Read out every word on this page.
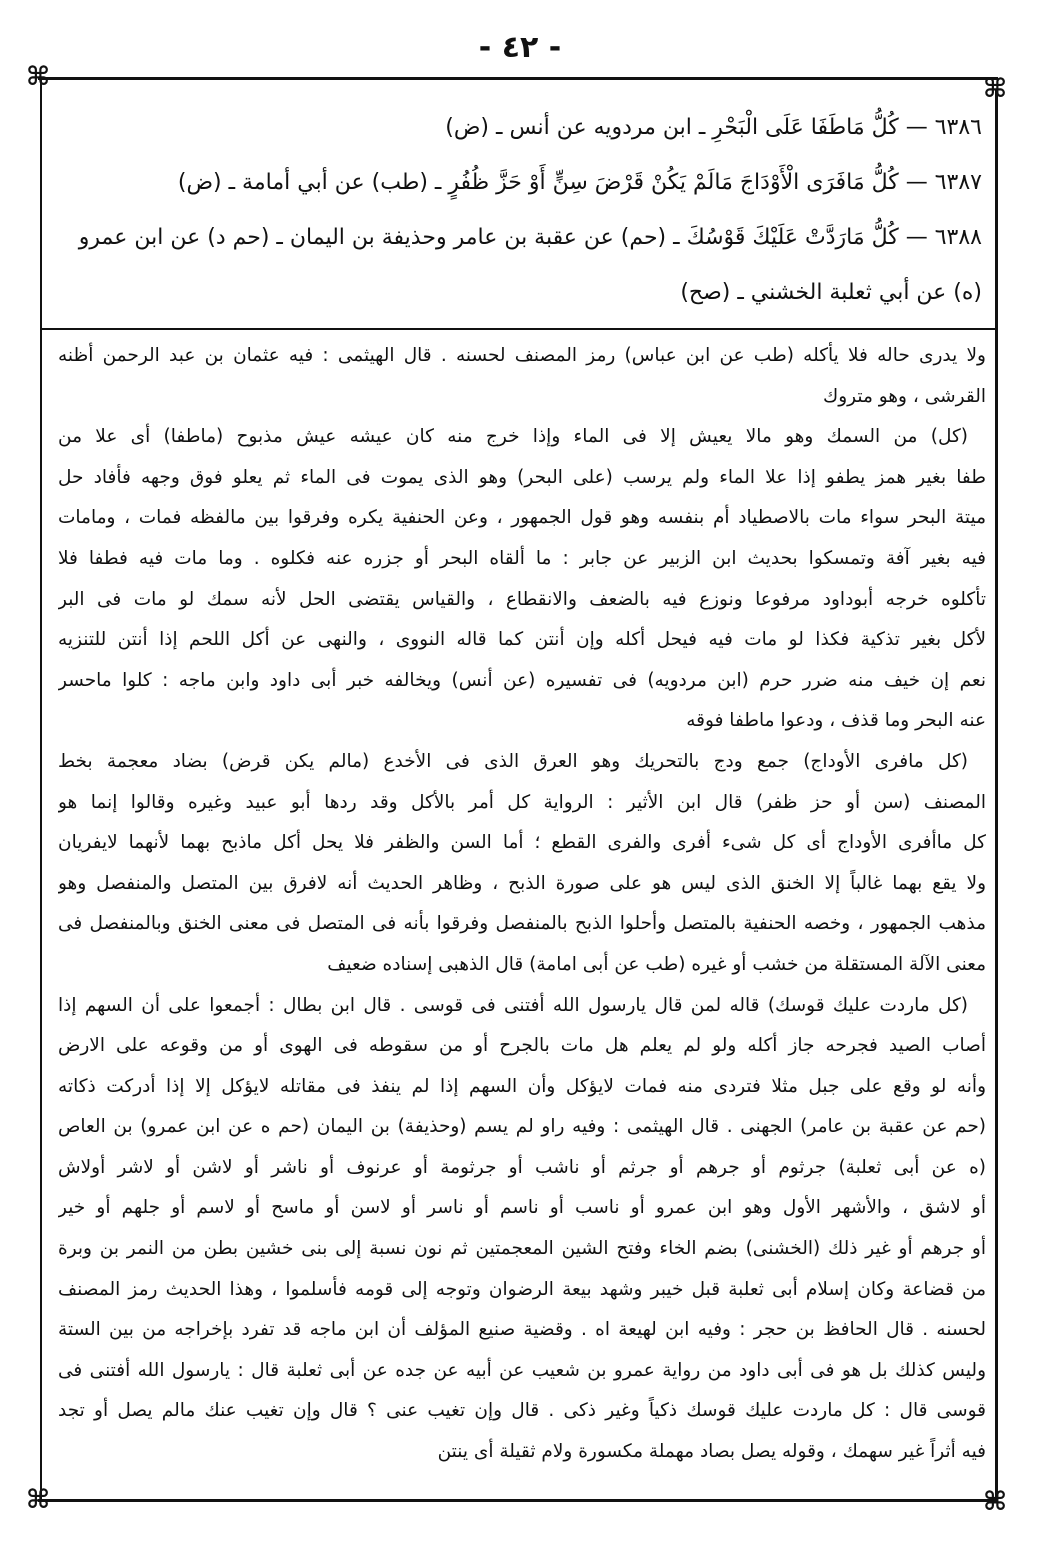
- ٤٢ -
⌘	⌘
⌘	⌘
٦٣٨٦ — كُلُّ مَاطَفَا عَلَى الْبَحْرِ ـ ابن مردويه عن أنس ـ (ض)
٦٣٨٧ — كُلُّ مَافَرَى الْأَوْدَاجَ مَالَمْ يَكُنْ قَرْضَ سِنٍّ أَوْ حَزَّ ظُفُرٍ ـ (طب) عن أبي أمامة ـ (ض)
٦٣٨٨ — كُلُّ مَارَدَّتْ عَلَيْكَ قَوْسُكَ ـ (حم) عن عقبة بن عامر وحذيفة بن اليمان ـ (حم د) عن ابن عمرو
(ه) عن أبي ثعلبة الخشني ـ (صح)
ولا يدرى حاله فلا يأكله (طب عن ابن عباس) رمز المصنف لحسنه . قال الهيثمى : فيه عثمان بن عبد الرحمن أظنه
القرشى ، وهو متروك
(كل) من السمك وهو مالا يعيش إلا فى الماء وإذا خرج منه كان عيشه عيش مذبوح (ماطفا) أى علا من
طفا بغير همز يطفو إذا علا الماء ولم يرسب (على البحر) وهو الذى يموت فى الماء ثم يعلو فوق وجهه فأفاد حل
ميتة البحر سواء مات بالاصطياد أم بنفسه وهو قول الجمهور ، وعن الحنفية يكره وفرقوا بين مالفظه فمات ، ومامات
فيه بغير آفة وتمسكوا بحديث ابن الزبير عن جابر : ما ألقاه البحر أو جزره عنه فكلوه . وما مات فيه فطفا فلا
تأكلوه خرجه أبوداود مرفوعا ونوزع فيه بالضعف والانقطاع ، والقياس يقتضى الحل لأنه سمك لو مات فى البر
لأكل بغير تذكية فكذا لو مات فيه فيحل أكله وإن أنتن كما قاله النووى ، والنهى عن أكل اللحم إذا أنتن للتنزيه
نعم إن خيف منه ضرر حرم (ابن مردويه) فى تفسيره (عن أنس) ويخالفه خبر أبى داود وابن ماجه : كلوا ماحسر
عنه البحر وما قذف ، ودعوا ماطفا فوقه
(كل مافرى الأوداج) جمع ودج بالتحريك وهو العرق الذى فى الأخدع (مالم يكن قرض) بضاد معجمة بخط
المصنف (سن أو حز ظفر) قال ابن الأثير : الرواية كل أمر بالأكل وقد ردها أبو عبيد وغيره وقالوا إنما هو
كل ماأفرى الأوداج أى كل شىء أفرى والفرى القطع ؛ أما السن والظفر فلا يحل أكل ماذبح بهما لأنهما لايفريان
ولا يقع بهما غالباً إلا الخنق الذى ليس هو على صورة الذبح ، وظاهر الحديث أنه لافرق بين المتصل والمنفصل وهو
مذهب الجمهور ، وخصه الحنفية بالمتصل وأحلوا الذبح بالمنفصل وفرقوا بأنه فى المتصل فى معنى الخنق وبالمنفصل فى
معنى الآلة المستقلة من خشب أو غيره (طب عن أبى امامة) قال الذهبى إسناده ضعيف
(كل ماردت عليك قوسك) قاله لمن قال يارسول الله أفتنى فى قوسى . قال ابن بطال : أجمعوا على أن السهم إذا
أصاب الصيد فجرحه جاز أكله ولو لم يعلم هل مات بالجرح أو من سقوطه فى الهوى أو من وقوعه على الارض
وأنه لو وقع على جبل مثلا فتردى منه فمات لايؤكل وأن السهم إذا لم ينفذ فى مقاتله لايؤكل إلا إذا أدركت ذكاته
(حم عن عقبة بن عامر) الجهنى . قال الهيثمى : وفيه راو لم يسم (وحذيفة) بن اليمان (حم ه عن ابن عمرو) بن العاص
(ه عن أبى ثعلبة) جرثوم أو جرهم أو جرثم أو ناشب أو جرثومة أو عرنوف أو ناشر أو لاشن أو لاشر أولاش
أو لاشق ، والأشهر الأول وهو ابن عمرو أو ناسب أو ناسم أو ناسر أو لاسن أو ماسح أو لاسم أو جلهم أو خير
أو جرهم أو غير ذلك (الخشنى) بضم الخاء وفتح الشين المعجمتين ثم نون نسبة إلى بنى خشين بطن من النمر بن وبرة
من قضاعة وكان إسلام أبى ثعلبة قبل خيبر وشهد بيعة الرضوان وتوجه إلى قومه فأسلموا ، وهذا الحديث رمز المصنف
لحسنه . قال الحافظ بن حجر : وفيه ابن لهيعة اه . وقضية صنيع المؤلف أن ابن ماجه قد تفرد بإخراجه من بين الستة
وليس كذلك بل هو فى أبى داود من رواية عمرو بن شعيب عن أبيه عن جده عن أبى ثعلبة قال : يارسول الله أفتنى فى
قوسى قال : كل ماردت عليك قوسك ذكياً وغير ذكى . قال وإن تغيب عنى ؟ قال وإن تغيب عنك مالم يصل أو تجد
فيه أثراً غير سهمك ، وقوله يصل بصاد مهملة مكسورة ولام ثقيلة أى ينتن
